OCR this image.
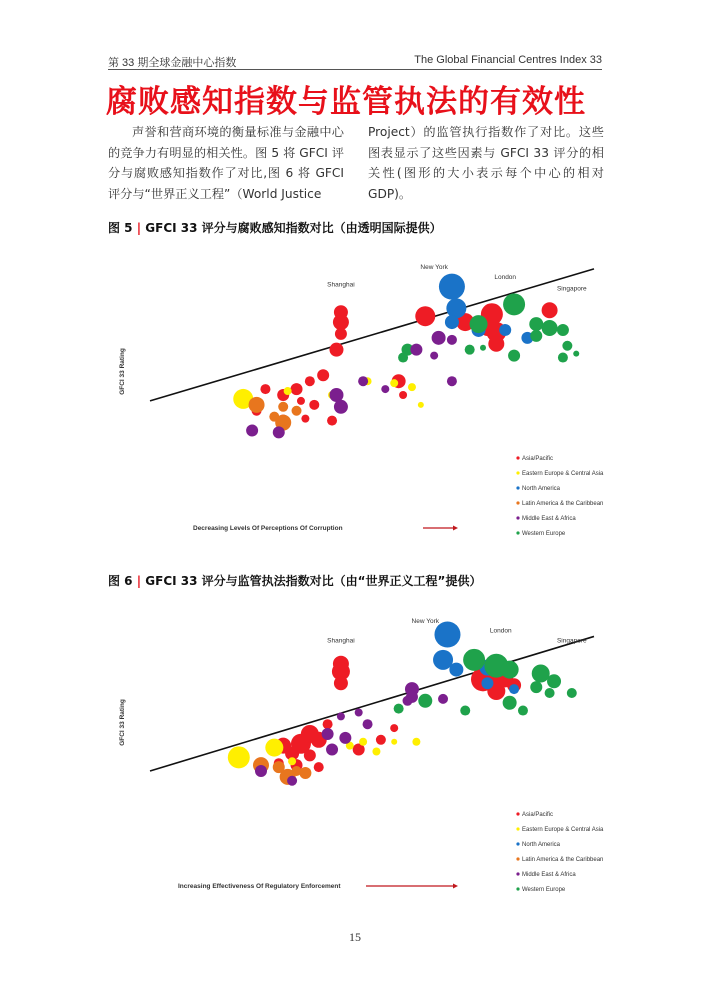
第 33 期全球金融中心指数	The Global Financial Centres Index 33
腐败感知指数与监管执法的有效性
声誉和营商环境的衡量标准与金融中心的竞争力有明显的相关性。图 5 将 GFCI 评分与腐败感知指数作了对比,图 6 将 GFCI 评分与“世界正义工程”（World Justice
Project）的监管执行指数作了对比。这些图表显示了这些因素与 GFCI 33 评分的相关性(图形的大小表示每个中心的相对 GDP)。
图 5 | GFCI 33 评分与腐败感知指数对比（由透明国际提供）
GFCI 33 Rating
New York
London
Shanghai
Singapore
Asia/Pacific
Eastern Europe & Central Asia
North America
Latin America & the Caribbean
Middle East & Africa
Western Europe
Decreasing Levels Of Perceptions Of Corruption
图 6 | GFCI 33 评分与监管执法指数对比（由“世界正义工程”提供）
GFCI 33 Rating
New York
London
Shanghai	Singapore
Asia/Pacific
Eastern Europe & Central Asia
North America
Latin America & the Caribbean
Middle East & Africa
Western Europe
Increasing Effectiveness Of Regulatory Enforcement
15
